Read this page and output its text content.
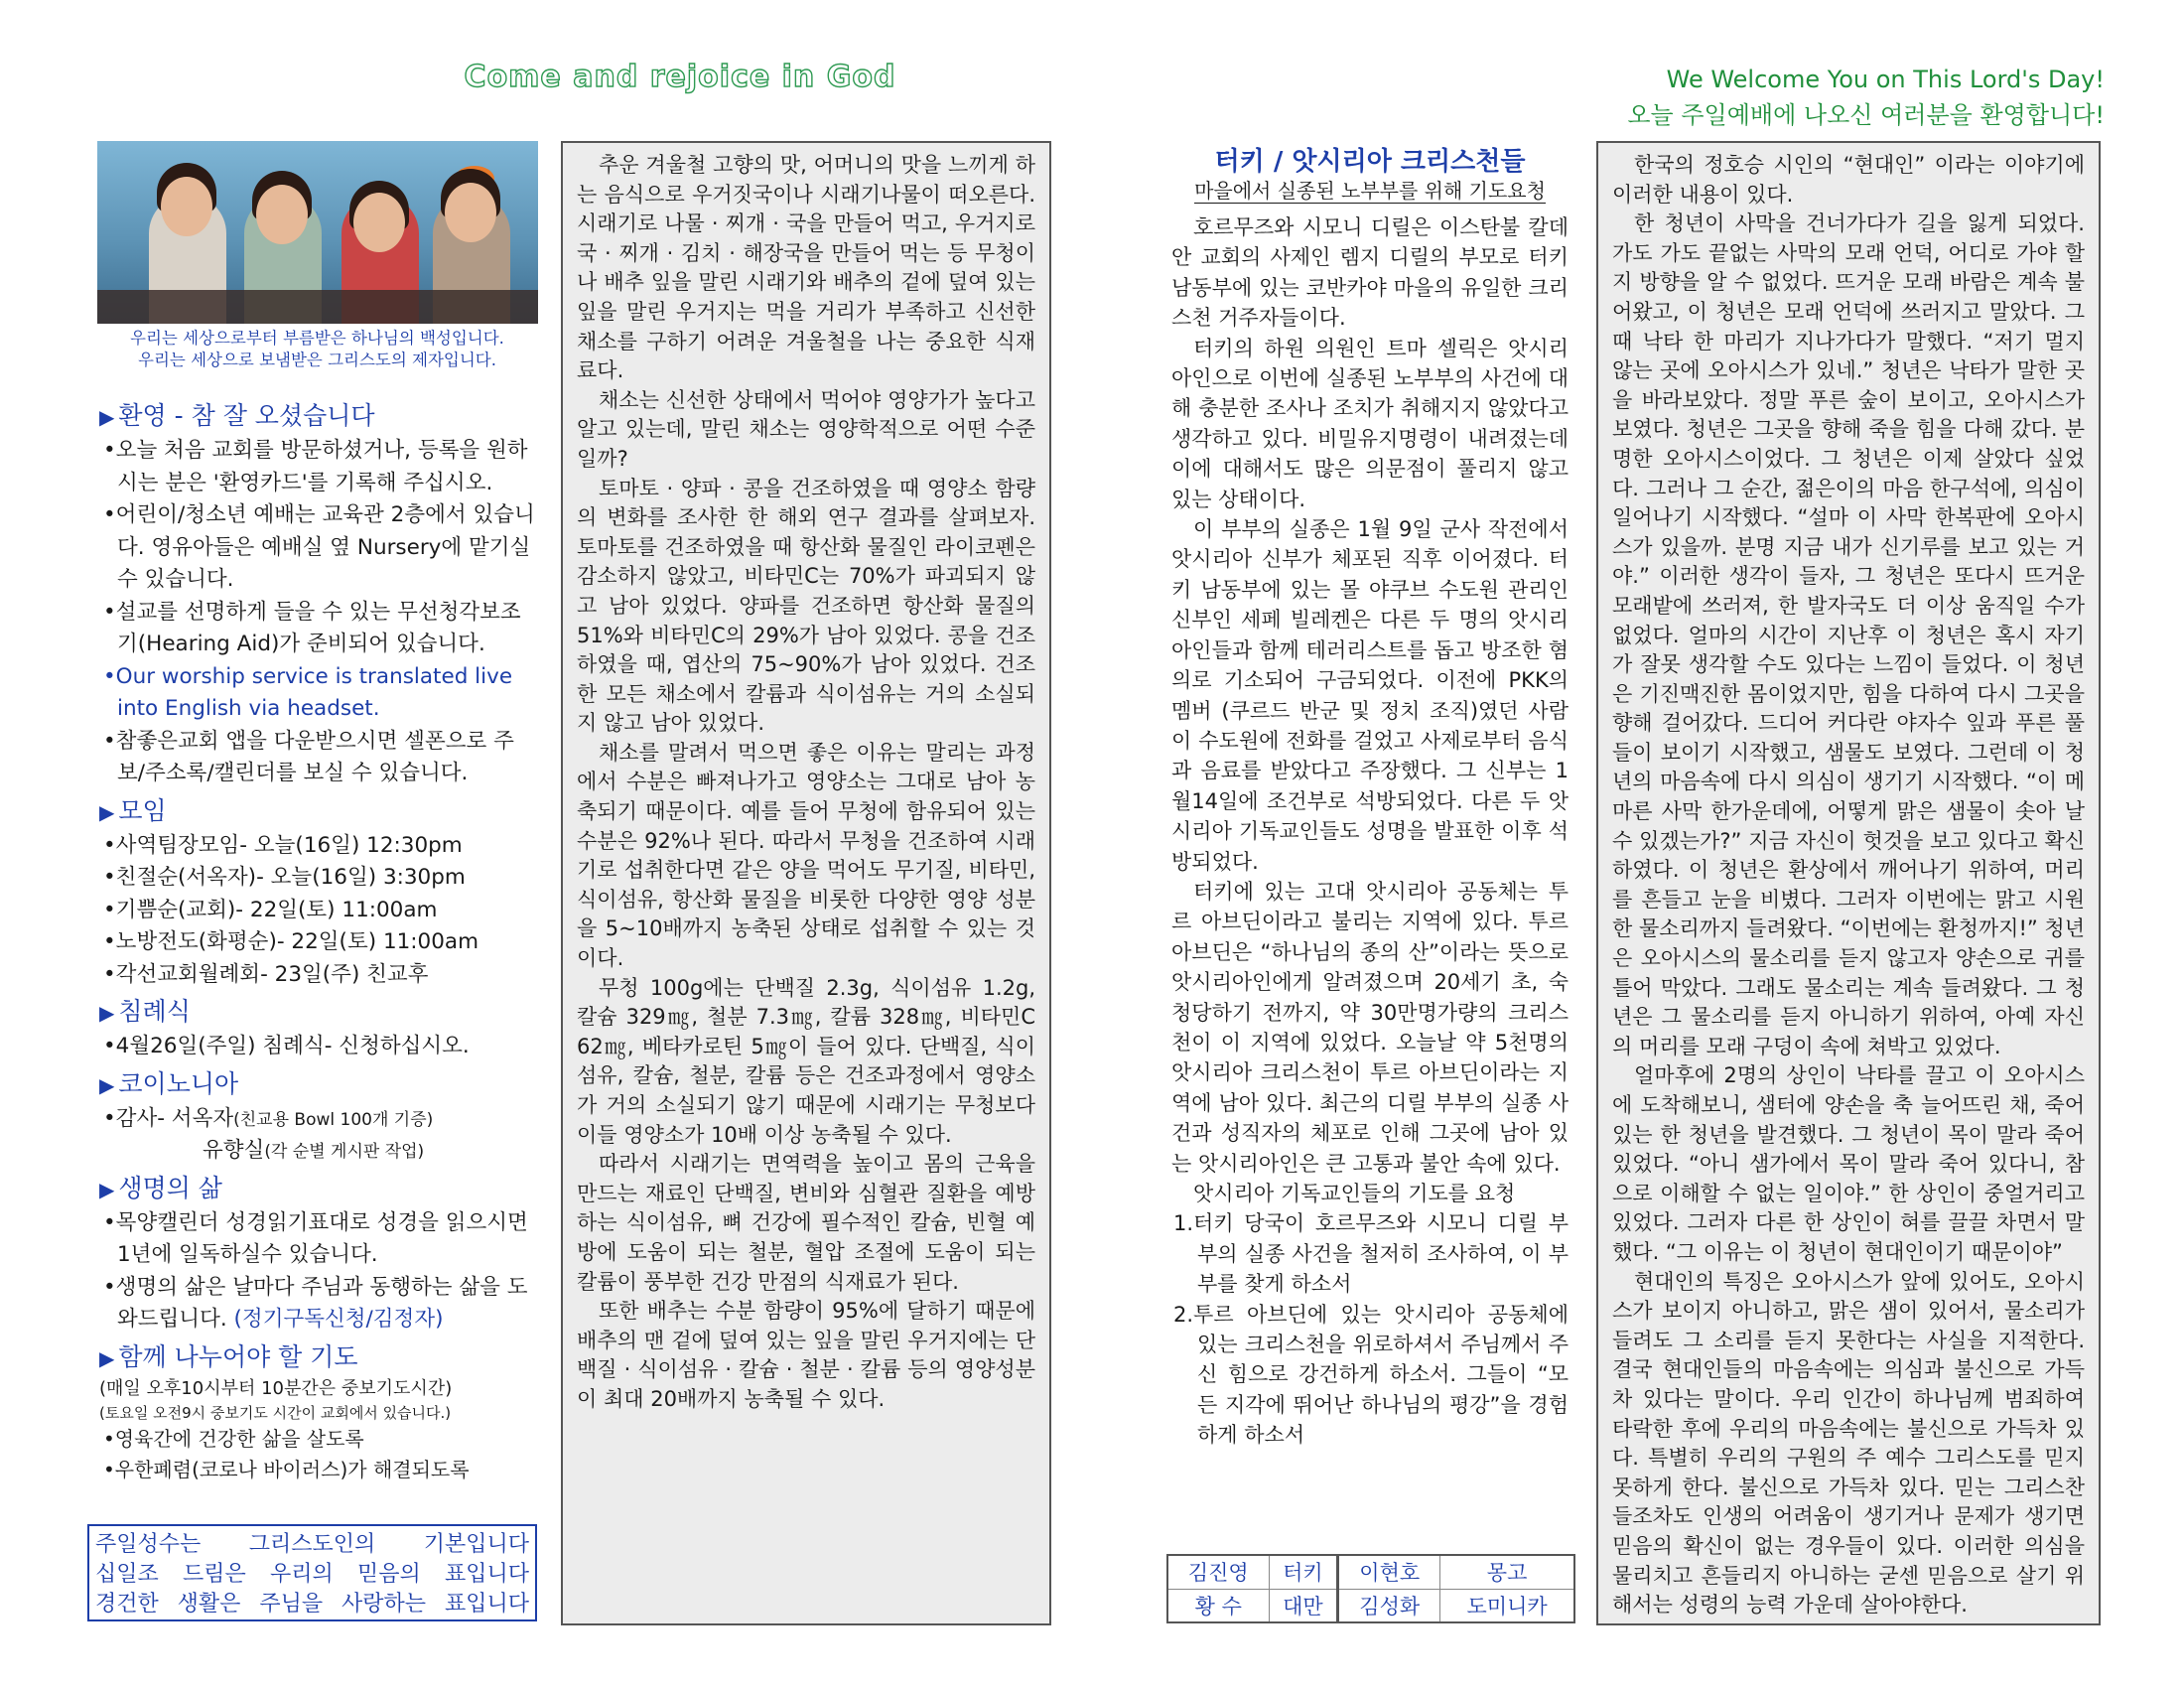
Come and rejoice in God	We Welcome You on This Lord's Day!
오늘 주일예배에 나오신 여러분을 환영합니다!
우리는 세상으로부터 부름받은 하나님의 백성입니다.
우리는 세상으로 보냄받은 그리스도의 제자입니다.
▶ 환영 - 참 잘 오셨습니다
•오늘 처음 교회를 방문하셨거나, 등록을 원하시는 분은 '환영카드'를 기록해 주십시오.
•어린이/청소년 예배는 교육관 2층에서 있습니다. 영유아들은 예배실 옆 Nursery에 맡기실 수 있습니다.
•설교를 선명하게 들을 수 있는 무선청각보조기(Hearing Aid)가 준비되어 있습니다.
•Our worship service is translated live into English via headset.
•참좋은교회 앱을 다운받으시면 셀폰으로 주보/주소록/캘린더를 보실 수 있습니다.
▶ 모임
•사역팀장모임- 오늘(16일) 12:30pm
•친절순(서옥자)- 오늘(16일) 3:30pm
•기쁨순(교회)- 22일(토) 11:00am
•노방전도(화평순)- 22일(토) 11:00am
•각선교회월례회- 23일(주) 친교후
▶ 침례식
•4월26일(주일) 침례식- 신청하십시오.
▶ 코이노니아
•감사- 서옥자(친교용 Bowl 100개 기증)
유향실(각 순별 게시판 작업)
▶ 생명의 삶
•목양캘린더 성경읽기표대로 성경을 읽으시면 1년에 일독하실수 있습니다.
•생명의 삶은 날마다 주님과 동행하는 삶을 도와드립니다. (정기구독신청/김정자)
▶ 함께 나누어야 할 기도
(매일 오후10시부터 10분간은 중보기도시간)
(토요일 오전9시 중보기도 시간이 교회에서 있습니다.)
•영육간에 건강한 삶을 살도록
•우한폐렴(코로나 바이러스)가 해결되도록
주일성수는 그리스도인의 기본입니다
십일조 드림은 우리의 믿음의 표입니다
경건한 생활은 주님을 사랑하는 표입니다

추운 겨울철 고향의 맛, 어머니의 맛을 느끼게 하는 음식으로 우거짓국이나 시래기나물이 떠오른다. 시래기로 나물 · 찌개 · 국을 만들어 먹고, 우거지로 국 · 찌개 · 김치 · 해장국을 만들어 먹는 등 무청이나 배추 잎을 말린 시래기와 배추의 겉에 덮여 있는 잎을 말린 우거지는 먹을 거리가 부족하고 신선한 채소를 구하기 어려운 겨울철을 나는 중요한 식재료다.

채소는 신선한 상태에서 먹어야 영양가가 높다고 알고 있는데, 말린 채소는 영양학적으로 어떤 수준일까?

토마토 · 양파 · 콩을 건조하였을 때 영양소 함량의 변화를 조사한 한 해외 연구 결과를 살펴보자. 토마토를 건조하였을 때 항산화 물질인 라이코펜은 감소하지 않았고, 비타민C는 70%가 파괴되지 않고 남아 있었다. 양파를 건조하면 항산화 물질의 51%와 비타민C의 29%가 남아 있었다. 콩을 건조하였을 때, 엽산의 75~90%가 남아 있었다. 건조한 모든 채소에서 칼륨과 식이섬유는 거의 소실되지 않고 남아 있었다.

채소를 말려서 먹으면 좋은 이유는 말리는 과정에서 수분은 빠져나가고 영양소는 그대로 남아 농축되기 때문이다. 예를 들어 무청에 함유되어 있는 수분은 92%나 된다. 따라서 무청을 건조하여 시래기로 섭취한다면 같은 양을 먹어도 무기질, 비타민, 식이섬유, 항산화 물질을 비롯한 다양한 영양 성분을 5~10배까지 농축된 상태로 섭취할 수 있는 것이다.

무청 100g에는 단백질 2.3g, 식이섬유 1.2g, 칼슘 329㎎, 철분 7.3㎎, 칼륨 328㎎, 비타민C 62㎎, 베타카로틴 5㎎이 들어 있다. 단백질, 식이섬유, 칼슘, 철분, 칼륨 등은 건조과정에서 영양소가 거의 소실되기 않기 때문에 시래기는 무청보다 이들 영양소가 10배 이상 농축될 수 있다.

따라서 시래기는 면역력을 높이고 몸의 근육을 만드는 재료인 단백질, 변비와 심혈관 질환을 예방하는 식이섬유, 뼈 건강에 필수적인 칼슘, 빈혈 예방에 도움이 되는 철분, 혈압 조절에 도움이 되는 칼륨이 풍부한 건강 만점의 식재료가 된다.

또한 배추는 수분 함량이 95%에 달하기 때문에 배추의 맨 겉에 덮여 있는 잎을 말린 우거지에는 단백질 · 식이섬유 · 칼슘 · 철분 · 칼륨 등의 영양성분이 최대 20배까지 농축될 수 있다.

터키 / 앗시리아 크리스천들
마을에서 실종된 노부부를 위해 기도요청

호르무즈와 시모니 디릴은 이스탄불 칼데안 교회의 사제인 렘지 디릴의 부모로 터키 남동부에 있는 코반카야 마을의 유일한 크리스천 거주자들이다.

터키의 하원 의원인 트마 셀릭은 앗시리아인으로 이번에 실종된 노부부의 사건에 대해 충분한 조사나 조치가 취해지지 않았다고 생각하고 있다. 비밀유지명령이 내려졌는데 이에 대해서도 많은 의문점이 풀리지 않고 있는 상태이다.

이 부부의 실종은 1월 9일 군사 작전에서 앗시리아 신부가 체포된 직후 이어졌다. 터키 남동부에 있는 몰 야쿠브 수도원 관리인 신부인 세페 빌레켄은 다른 두 명의 앗시리아인들과 함께 테러리스트를 돕고 방조한 혐의로 기소되어 구금되었다. 이전에 PKK의 멤버 (쿠르드 반군 및 정치 조직)였던 사람이 수도원에 전화를 걸었고 사제로부터 음식과 음료를 받았다고 주장했다. 그 신부는 1월14일에 조건부로 석방되었다. 다른 두 앗시리아 기독교인들도 성명을 발표한 이후 석방되었다.

터키에 있는 고대 앗시리아 공동체는 투르 아브딘이라고 불리는 지역에 있다. 투르 아브딘은 “하나님의 종의 산”이라는 뜻으로 앗시리아인에게 알려졌으며 20세기 초, 숙청당하기 전까지, 약 30만명가량의 크리스천이 이 지역에 있었다. 오늘날 약 5천명의 앗시리아 크리스천이 투르 아브딘이라는 지역에 남아 있다. 최근의 디릴 부부의 실종 사건과 성직자의 체포로 인해 그곳에 남아 있는 앗시리아인은 큰 고통과 불안 속에 있다.

앗시리아 기독교인들의 기도를 요청
1.터키 당국이 호르무즈와 시모니 디릴 부부의 실종 사건을 철저히 조사하여, 이 부부를 찾게 하소서
2.투르 아브딘에 있는 앗시리아 공동체에 있는 크리스천을 위로하셔서 주님께서 주신 힘으로 강건하게 하소서. 그들이 “모든 지각에 뛰어난 하나님의 평강”을 경험하게 하소서
김진영	터키	이현호	몽고
황 수	대만	김성화	도미니카

한국의 정호승 시인의 “현대인” 이라는 이야기에 이러한 내용이 있다.

한 청년이 사막을 건너가다가 길을 잃게 되었다. 가도 가도 끝없는 사막의 모래 언덕, 어디로 가야 할 지 방향을 알 수 없었다. 뜨거운 모래 바람은 계속 불어왔고, 이 청년은 모래 언덕에 쓰러지고 말았다. 그때 낙타 한 마리가 지나가다가 말했다. “저기 멀지 않는 곳에 오아시스가 있네.” 청년은 낙타가 말한 곳을 바라보았다. 정말 푸른 숲이 보이고, 오아시스가 보였다. 청년은 그곳을 향해 죽을 힘을 다해 갔다. 분명한 오아시스이었다. 그 청년은 이제 살았다 싶었다. 그러나 그 순간, 젊은이의 마음 한구석에, 의심이 일어나기 시작했다. “설마 이 사막 한복판에 오아시스가 있을까. 분명 지금 내가 신기루를 보고 있는 거야.” 이러한 생각이 들자, 그 청년은 또다시 뜨거운 모래밭에 쓰러져, 한 발자국도 더 이상 움직일 수가 없었다. 얼마의 시간이 지난후 이 청년은 혹시 자기가 잘못 생각할 수도 있다는 느낌이 들었다. 이 청년은 기진맥진한 몸이었지만, 힘을 다하여 다시 그곳을 향해 걸어갔다. 드디어 커다란 야자수 잎과 푸른 풀들이 보이기 시작했고, 샘물도 보였다. 그런데 이 청년의 마음속에 다시 의심이 생기기 시작했다. “이 메마른 사막 한가운데에, 어떻게 맑은 샘물이 솟아 날 수 있겠는가?” 지금 자신이 헛것을 보고 있다고 확신하였다. 이 청년은 환상에서 깨어나기 위하여, 머리를 흔들고 눈을 비볐다. 그러자 이번에는 맑고 시원한 물소리까지 들려왔다. “이번에는 환청까지!” 청년은 오아시스의 물소리를 듣지 않고자 양손으로 귀를 틀어 막았다. 그래도 물소리는 계속 들려왔다. 그 청년은 그 물소리를 듣지 아니하기 위하여, 아예 자신의 머리를 모래 구덩이 속에 쳐박고 있었다.

얼마후에 2명의 상인이 낙타를 끌고 이 오아시스에 도착해보니, 샘터에 양손을 축 늘어뜨린 채, 죽어있는 한 청년을 발견했다. 그 청년이 목이 말라 죽어있었다. “아니 샘가에서 목이 말라 죽어 있다니, 참으로 이해할 수 없는 일이야.” 한 상인이 중얼거리고 있었다. 그러자 다른 한 상인이 혀를 끌끌 차면서 말했다. “그 이유는 이 청년이 현대인이기 때문이야”

현대인의 특징은 오아시스가 앞에 있어도, 오아시스가 보이지 아니하고, 맑은 샘이 있어서, 물소리가 들려도 그 소리를 듣지 못한다는 사실을 지적한다. 결국 현대인들의 마음속에는 의심과 불신으로 가득차 있다는 말이다. 우리 인간이 하나님께 범죄하여 타락한 후에 우리의 마음속에는 불신으로 가득차 있다. 특별히 우리의 구원의 주 예수 그리스도를 믿지 못하게 한다. 불신으로 가득차 있다. 믿는 그리스찬들조차도 인생의 어려움이 생기거나 문제가 생기면 믿음의 확신이 없는 경우들이 있다. 이러한 의심을 물리치고 흔들리지 아니하는 굳센 믿음으로 살기 위해서는 성령의 능력 가운데 살아야한다.
